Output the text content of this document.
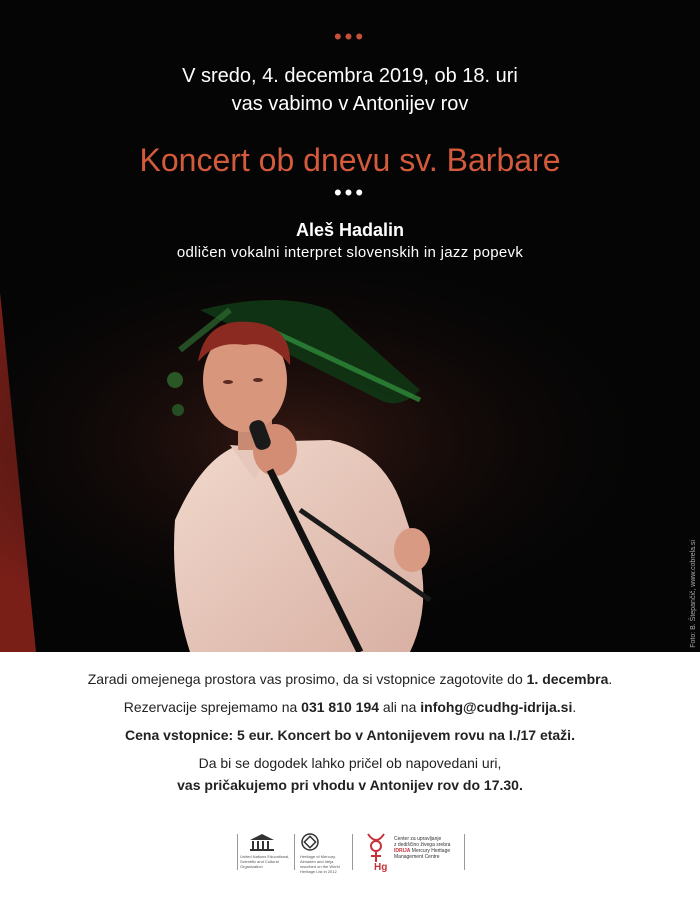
•••
V sredo, 4. decembra 2019, ob 18. uri
vas vabimo v Antonijev rov
Koncert ob dnevu sv. Barbare
•••
Aleš Hadalin
odličen vokalni interpret slovenskih in jazz popevk
Foto: B. Štepančič, www.cobrela.si

Zaradi omejenega prostora vas prosimo, da si vstopnice zagotovite do 1. decembra.

Rezervacije sprejemamo na 031 810 194 ali na infohg@cudhg-idrija.si.

Cena vstopnice: 5 eur. Koncert bo v Antonijevem rovu na I./17 etaži.

Da bi se dogodek lahko pričel ob napovedani uri,

vas pričakujemo pri vhodu v Antonijev rov do 17.30.

United Nations Educational, Scientific and Cultural Organization
Heritage of Mercury. Almadén and Idrija inscribed on the World Heritage List in 2012	Hg
Center za upravljanje
z dediščino živega srebra
IDRIJA Mercury Heritage
Management Centre
